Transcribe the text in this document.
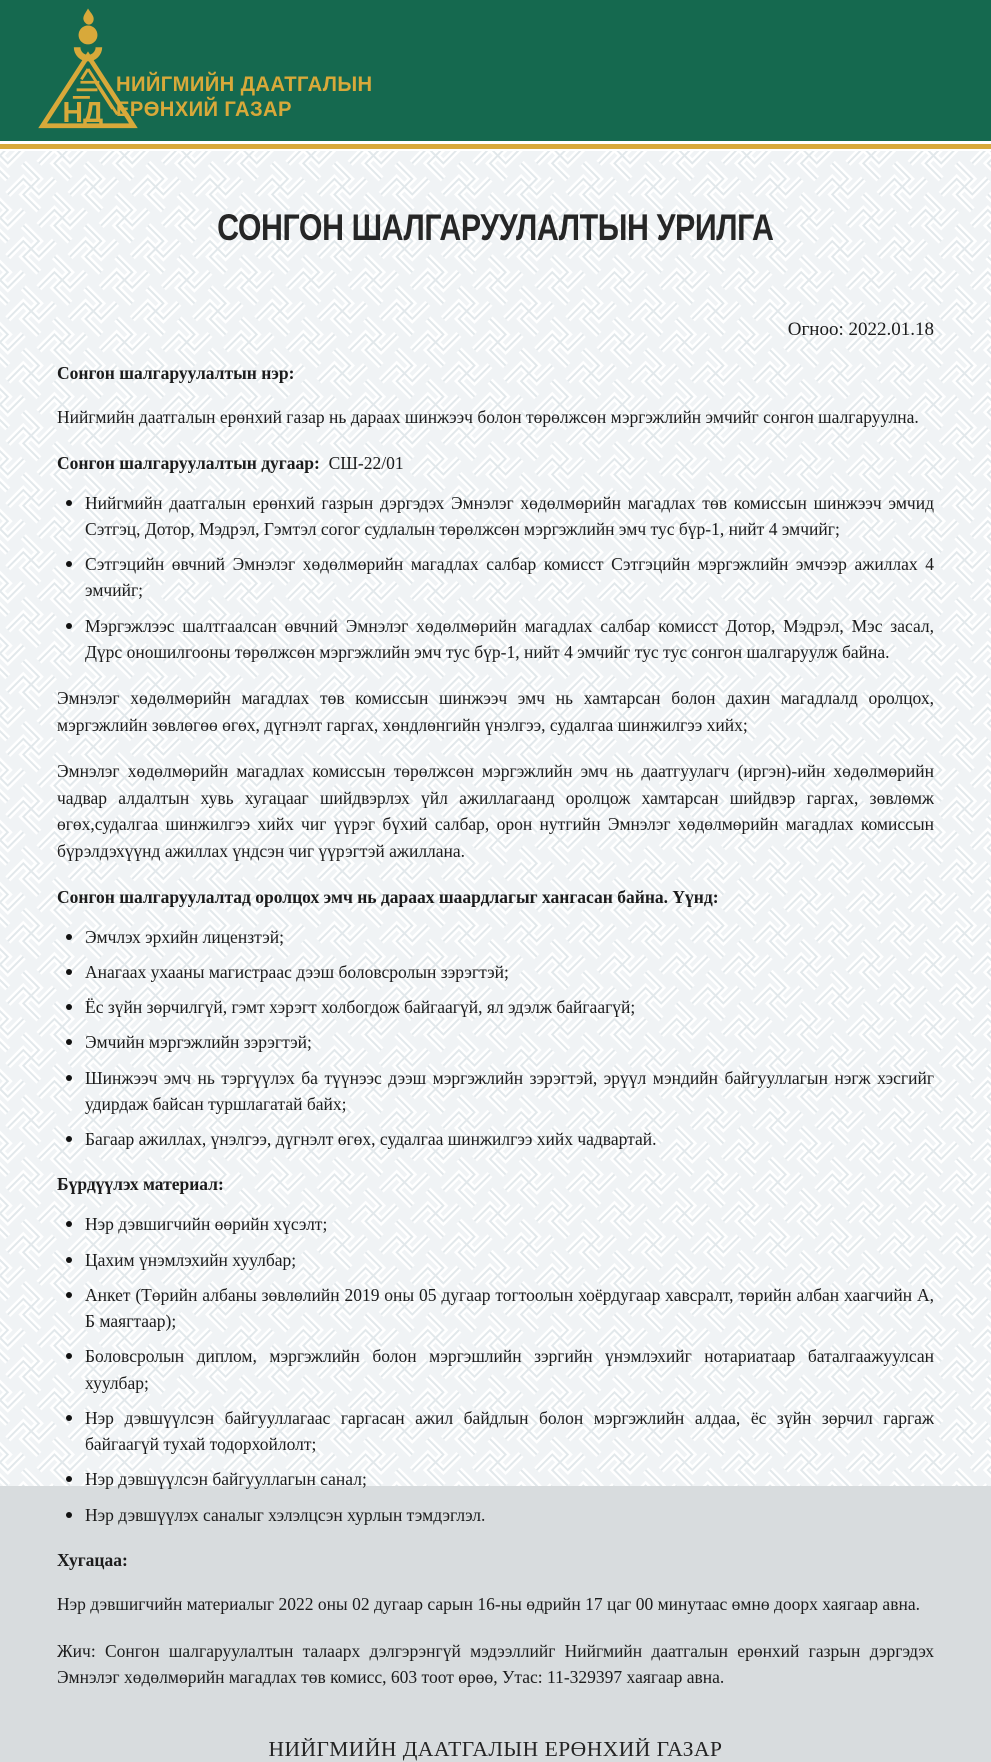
НД
НИЙГМИЙН ДААТГАЛЫН
ЕРӨНХИЙ ГАЗАР
СОНГОН ШАЛГАРУУЛАЛТЫН УРИЛГА
Огноо: 2022.01.18
Сонгон шалгаруулалтын нэр:
Нийгмийн даатгалын ерөнхий газар нь дараах шинжээч болон төрөлжсөн мэргэжлийн эмчийг сонгон шалгаруулна.
Сонгон шалгаруулалтын дугаар: СШ-22/01
Нийгмийн даатгалын ерөнхий газрын дэргэдэх Эмнэлэг хөдөлмөрийн магадлах төв комиссын шинжээч эмчид Сэтгэц, Дотор, Мэдрэл, Гэмтэл согог судлалын төрөлжсөн мэргэжлийн эмч тус бүр-1, нийт 4 эмчийг;
Сэтгэцийн өвчний Эмнэлэг хөдөлмөрийн магадлах салбар комисст Сэтгэцийн мэргэжлийн эмчээр ажиллах 4 эмчийг;
Мэргэжлээс шалтгаалсан өвчний Эмнэлэг хөдөлмөрийн магадлах салбар комисст Дотор, Мэдрэл, Мэс засал, Дүрс оношилгооны төрөлжсөн мэргэжлийн эмч тус бүр-1, нийт 4 эмчийг тус тус сонгон шалгаруулж байна.
Эмнэлэг хөдөлмөрийн магадлах төв комиссын шинжээч эмч нь хамтарсан болон дахин магадлалд оролцох, мэргэжлийн зөвлөгөө өгөх, дүгнэлт гаргах, хөндлөнгийн үнэлгээ, судалгаа шинжилгээ хийх;
Эмнэлэг хөдөлмөрийн магадлах комиссын төрөлжсөн мэргэжлийн эмч нь даатгуулагч (иргэн)-ийн хөдөлмөрийн чадвар алдалтын хувь хугацааг шийдвэрлэх үйл ажиллагаанд оролцож хамтарсан шийдвэр гаргах, зөвлөмж өгөх,судалгаа шинжилгээ хийх чиг үүрэг бүхий салбар, орон нутгийн Эмнэлэг хөдөлмөрийн магадлах комиссын бүрэлдэхүүнд ажиллах үндсэн чиг үүрэгтэй ажиллана.
Сонгон шалгаруулалтад оролцох эмч нь дараах шаардлагыг хангасан байна. Үүнд:
Эмчлэх эрхийн лицензтэй;
Анагаах ухааны магистраас дээш боловсролын зэрэгтэй;
Ёс зүйн зөрчилгүй, гэмт хэрэгт холбогдож байгаагүй, ял эдэлж байгаагүй;
Эмчийн мэргэжлийн зэрэгтэй;
Шинжээч эмч нь тэргүүлэх ба түүнээс дээш мэргэжлийн зэрэгтэй, эрүүл мэндийн байгууллагын нэгж хэсгийг удирдаж байсан туршлагатай байх;
Багаар ажиллах, үнэлгээ, дүгнэлт өгөх, судалгаа шинжилгээ хийх чадвартай.
Бүрдүүлэх материал:
Нэр дэвшигчийн өөрийн хүсэлт;
Цахим үнэмлэхийн хуулбар;
Анкет (Төрийн албаны зөвлөлийн 2019 оны 05 дугаар тогтоолын хоёрдугаар хавсралт, төрийн албан хаагчийн А, Б маягтаар);
Боловсролын диплом, мэргэжлийн болон мэргэшлийн зэргийн үнэмлэхийг нотариатаар баталгаажуулсан хуулбар;
Нэр дэвшүүлсэн байгууллагаас гаргасан ажил байдлын болон мэргэжлийн алдаа, ёс зүйн зөрчил гаргаж байгаагүй тухай тодорхойлолт;
Нэр дэвшүүлсэн байгууллагын санал;
Нэр дэвшүүлэх саналыг хэлэлцсэн хурлын тэмдэглэл.
Хугацаа:
Нэр дэвшигчийн материалыг 2022 оны 02 дугаар сарын 16-ны өдрийн 17 цаг 00 минутаас өмнө доорх хаягаар авна.
Жич: Сонгон шалгаруулалтын талаарх дэлгэрэнгүй мэдээллийг Нийгмийн даатгалын ерөнхий газрын дэргэдэх Эмнэлэг хөдөлмөрийн магадлах төв комисс, 603 тоот өрөө, Утас: 11-329397 хаягаар авна.
НИЙГМИЙН ДААТГАЛЫН ЕРӨНХИЙ ГАЗАР
